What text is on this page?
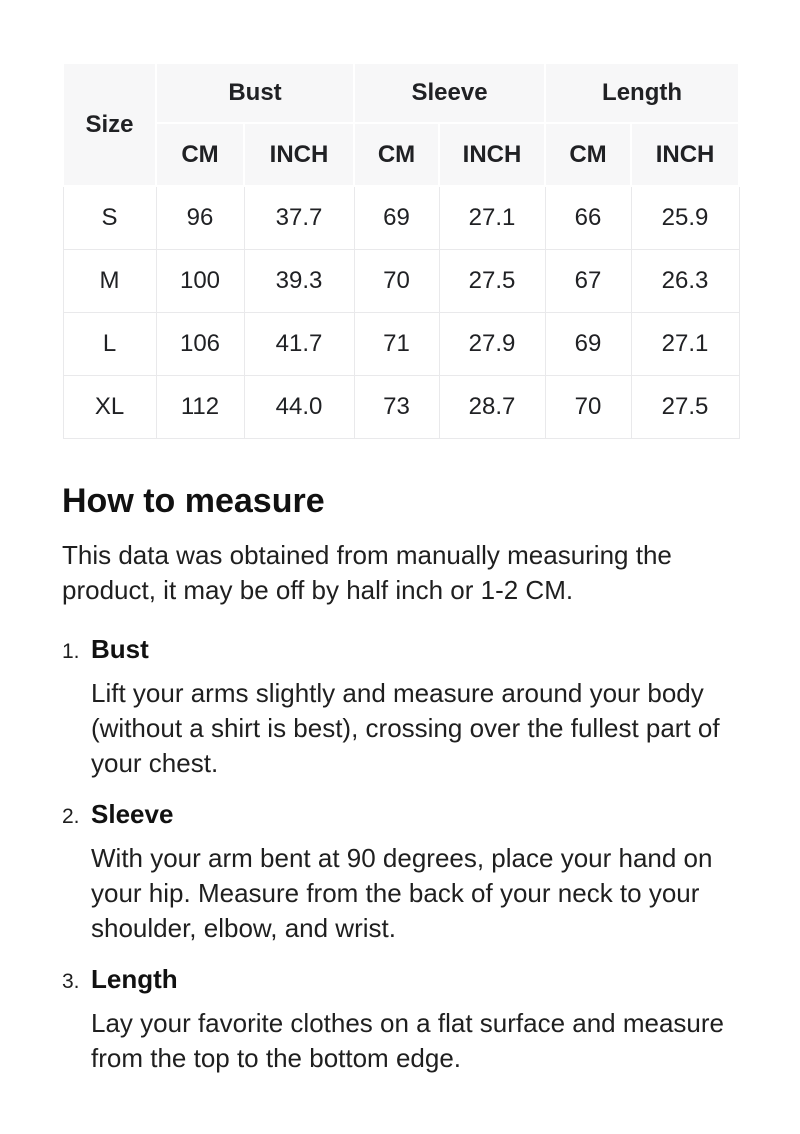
Size	Bust		Sleeve		Length	
	CM	INCH	CM	INCH	CM	INCH
S	96	37.7	69	27.1	66	25.9
M	100	39.3	70	27.5	67	26.3
L	106	41.7	71	27.9	69	27.1
XL	112	44.0	73	28.7	70	27.5
How to measure

This data was obtained from manually measuring the product, it may be off by half inch or 1-2 CM.

1. Bust

Lift your arms slightly and measure around your body (without a shirt is best), crossing over the fullest part of your chest.

2. Sleeve

With your arm bent at 90 degrees, place your hand on your hip. Measure from the back of your neck to your shoulder, elbow, and wrist.

3. Length

Lay your favorite clothes on a flat surface and measure from the top to the bottom edge.
